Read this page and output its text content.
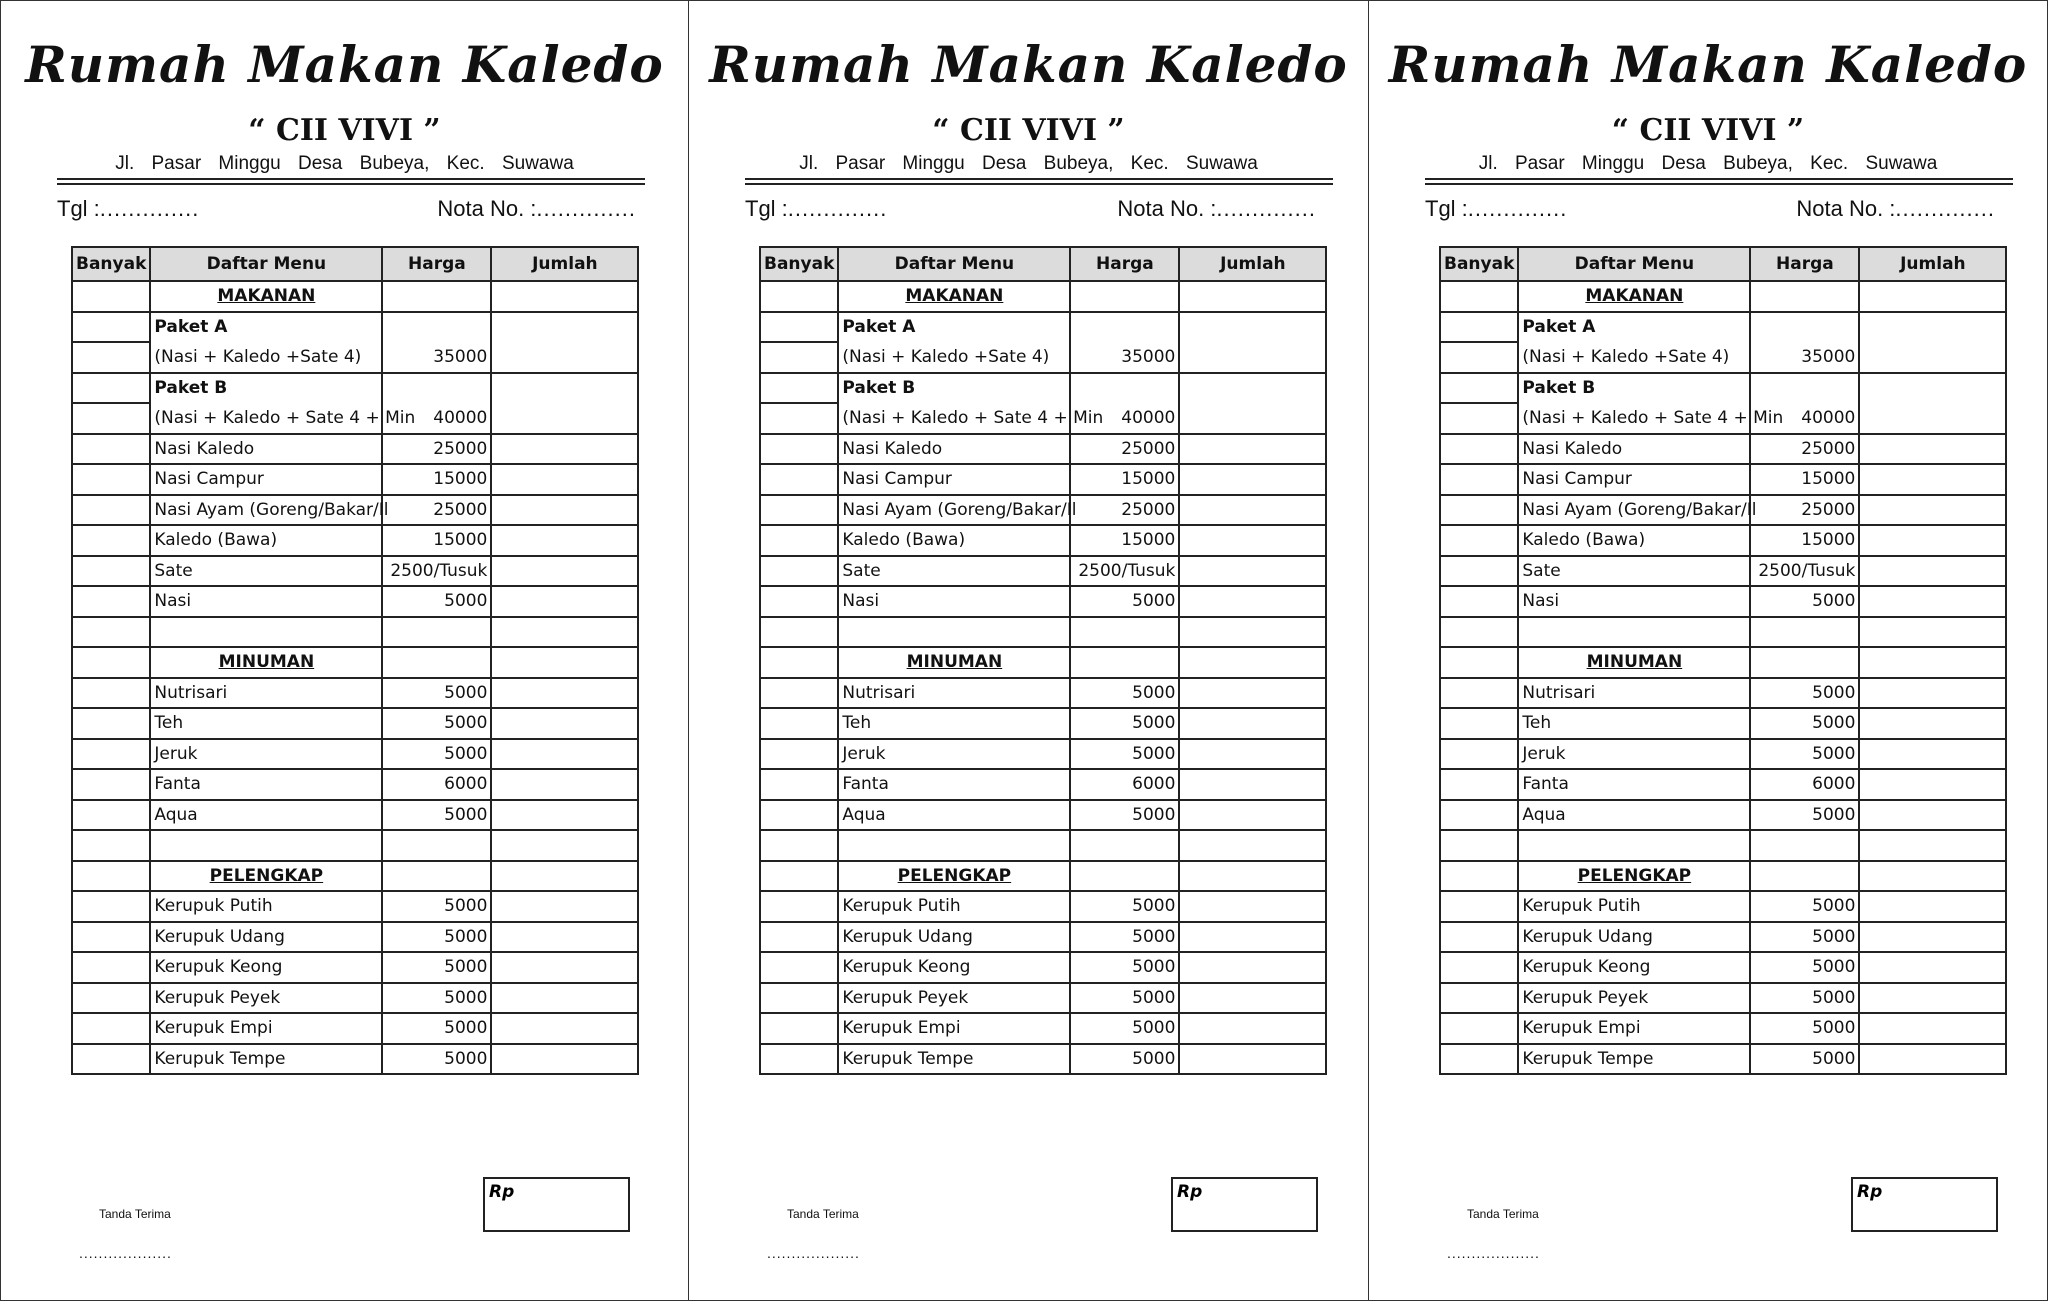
Rumah Makan Kaledo
“ CII VIVI ”
Jl. Pasar Minggu Desa Bubeya, Kec. Suwawa
Tgl :..............	Nota No. :..............
Banyak	Daftar Menu	Harga	Jumlah
	MAKANAN		
	Paket A		
	(Nasi + Kaledo +Sate 4)	35000	
	Paket B		
	(Nasi + Kaledo + Sate 4 + Min	40000	
	Nasi Kaledo	25000	
	Nasi Campur	15000	
	Nasi Ayam (Goreng/Bakar/Il	25000	
	Kaledo (Bawa)	15000	
	Sate	2500/Tusuk	
	Nasi	5000	

	MINUMAN		
	Nutrisari	5000	
	Teh	5000	
	Jeruk	5000	
	Fanta	6000	
	Aqua	5000	

	PELENGKAP		
	Kerupuk Putih	5000	
	Kerupuk Udang	5000	
	Kerupuk Keong	5000	
	Kerupuk Peyek	5000	
	Kerupuk Empi	5000	
	Kerupuk Tempe	5000	
Rp
Tanda Terima
...................
Rumah Makan Kaledo
“ CII VIVI ”
Jl. Pasar Minggu Desa Bubeya, Kec. Suwawa
Tgl :..............	Nota No. :..............
Banyak	Daftar Menu	Harga	Jumlah
	MAKANAN		
	Paket A		
	(Nasi + Kaledo +Sate 4)	35000	
	Paket B		
	(Nasi + Kaledo + Sate 4 + Min	40000	
	Nasi Kaledo	25000	
	Nasi Campur	15000	
	Nasi Ayam (Goreng/Bakar/Il	25000	
	Kaledo (Bawa)	15000	
	Sate	2500/Tusuk	
	Nasi	5000	

	MINUMAN		
	Nutrisari	5000	
	Teh	5000	
	Jeruk	5000	
	Fanta	6000	
	Aqua	5000	

	PELENGKAP		
	Kerupuk Putih	5000	
	Kerupuk Udang	5000	
	Kerupuk Keong	5000	
	Kerupuk Peyek	5000	
	Kerupuk Empi	5000	
	Kerupuk Tempe	5000	
Rp
Tanda Terima
...................
Rumah Makan Kaledo
“ CII VIVI ”
Jl. Pasar Minggu Desa Bubeya, Kec. Suwawa
Tgl :..............	Nota No. :..............
Banyak	Daftar Menu	Harga	Jumlah
	MAKANAN		
	Paket A		
	(Nasi + Kaledo +Sate 4)	35000	
	Paket B		
	(Nasi + Kaledo + Sate 4 + Min	40000	
	Nasi Kaledo	25000	
	Nasi Campur	15000	
	Nasi Ayam (Goreng/Bakar/Il	25000	
	Kaledo (Bawa)	15000	
	Sate	2500/Tusuk	
	Nasi	5000	

	MINUMAN		
	Nutrisari	5000	
	Teh	5000	
	Jeruk	5000	
	Fanta	6000	
	Aqua	5000	

	PELENGKAP		
	Kerupuk Putih	5000	
	Kerupuk Udang	5000	
	Kerupuk Keong	5000	
	Kerupuk Peyek	5000	
	Kerupuk Empi	5000	
	Kerupuk Tempe	5000	
Rp
Tanda Terima
...................
